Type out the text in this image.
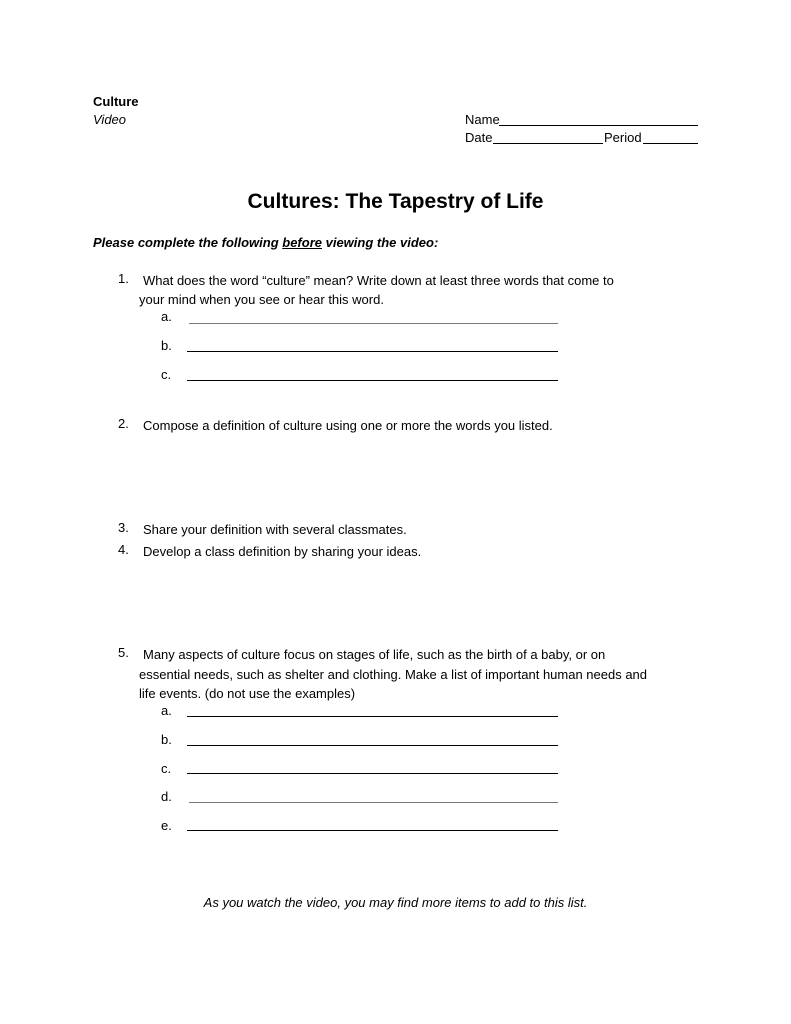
Culture
Video	Name
Date	Period
Cultures: The Tapestry of Life
Please complete the following before viewing the video:
1. What does the word “culture” mean? Write down at least three words that come to
your mind when you see or hear this word.
a.
b.
c.
2. Compose a definition of culture using one or more the words you listed.
3. Share your definition with several classmates.
4. Develop a class definition by sharing your ideas.
5. Many aspects of culture focus on stages of life, such as the birth of a baby, or on
essential needs, such as shelter and clothing. Make a list of important human needs and
life events. (do not use the examples)
a.
b.
c.
d.
e.
As you watch the video, you may find more items to add to this list.
